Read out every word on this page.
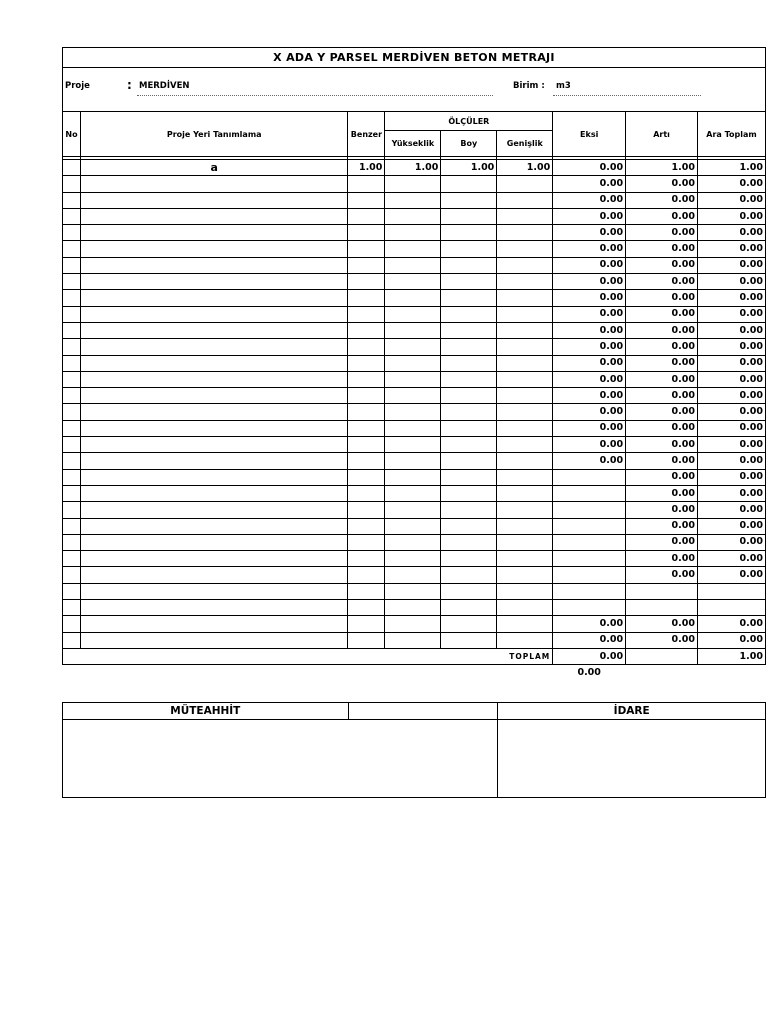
X ADA Y PARSEL MERDİVEN BETON METRAJI
Proje	: MERDİVEN	Birim : m3
No	Proje Yeri Tanımlama	Benzer	ÖLÇÜLER			Eksi	Artı	Ara Toplam
			Yükseklik	Boy	Genişlik			

	a	1.00	1.00	1.00	1.00	0.00	1.00	1.00
						0.00	0.00	0.00
						0.00	0.00	0.00
						0.00	0.00	0.00
						0.00	0.00	0.00
						0.00	0.00	0.00
						0.00	0.00	0.00
						0.00	0.00	0.00
						0.00	0.00	0.00
						0.00	0.00	0.00
						0.00	0.00	0.00
						0.00	0.00	0.00
						0.00	0.00	0.00
						0.00	0.00	0.00
						0.00	0.00	0.00
						0.00	0.00	0.00
						0.00	0.00	0.00
						0.00	0.00	0.00
						0.00	0.00	0.00
							0.00	0.00
							0.00	0.00
							0.00	0.00
							0.00	0.00
							0.00	0.00
							0.00	0.00
							0.00	0.00

						0.00	0.00	0.00
						0.00	0.00	0.00
TOPLAM						0.00		1.00
						0.00		
MÜTEAHHİT		İDARE
